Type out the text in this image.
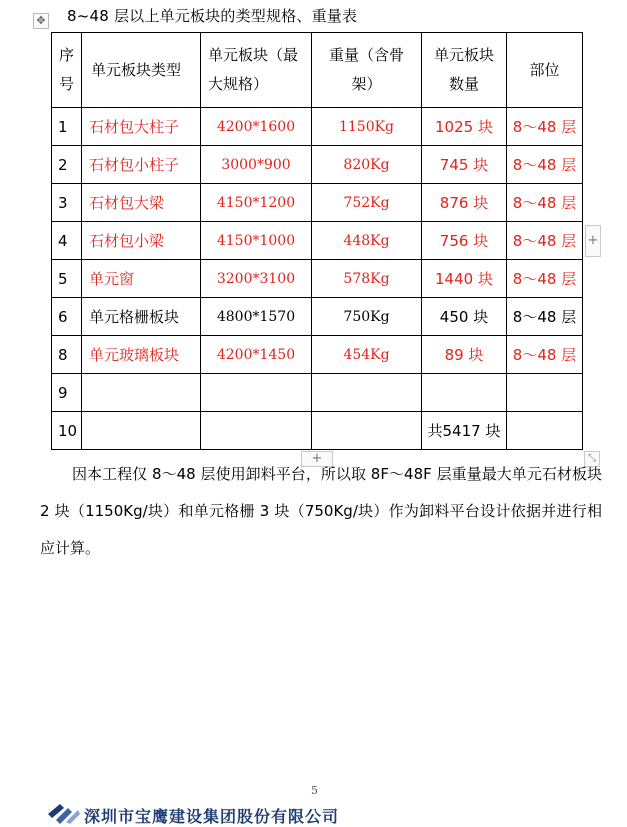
✥ 8~48 层以上单元板块的类型规格、重量表
序号	单元板块类型	单元板块（最大规格）	重量（含骨架）	单元板块数量	部位
1	石材包大柱子	4200*1600	1150Kg	1025 块	8～48 层
2	石材包小柱子	3000*900	820Kg	745 块	8～48 层
3	石材包大梁	4150*1200	752Kg	876 块	8～48 层
4	石材包小梁	4150*1000	448Kg	756 块	8～48 层
5	单元窗	3200*3100	578Kg	1440 块	8～48 层
6	单元格栅板块	4800*1570	750Kg	450 块	8～48 层
8	单元玻璃板块	4200*1450	454Kg	89 块	8～48 层
9					
10				共5417 块	
+
+	⤡
因本工程仅 8～48 层使用卸料平台，所以取 8F～48F 层重量最大单元石材板块2 块（1150Kg/块）和单元格栅 3 块（750Kg/块）作为卸料平台设计依据并进行相应计算。
5
深圳市宝鹰建设集团股份有限公司
